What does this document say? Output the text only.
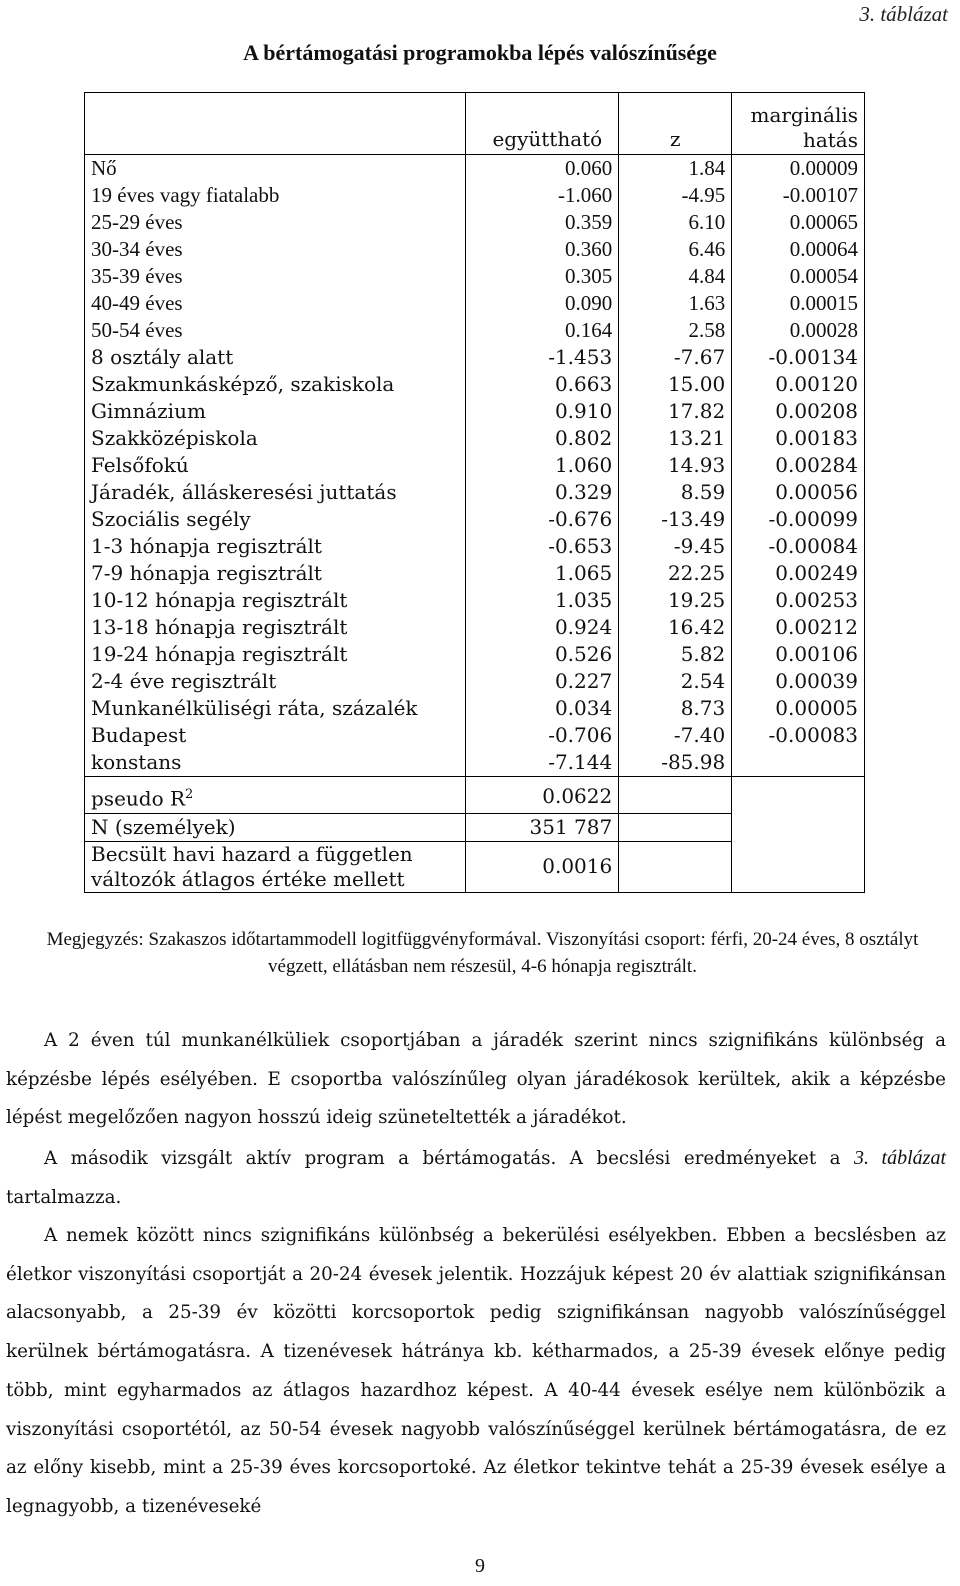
3. táblázat
A bértámogatási programokba lépés valószínűsége
	együttható	z	marginális
hatás

Nő	0.060	1.84	0.00009
19 éves vagy fiatalabb	-1.060	-4.95	-0.00107
25-29 éves	0.359	6.10	0.00065
30-34 éves	0.360	6.46	0.00064
35-39 éves	0.305	4.84	0.00054
40-49 éves	0.090	1.63	0.00015
50-54 éves	0.164	2.58	0.00028
8 osztály alatt	-1.453	-7.67	-0.00134
Szakmunkásképző, szakiskola	0.663	15.00	0.00120
Gimnázium	0.910	17.82	0.00208
Szakközépiskola	0.802	13.21	0.00183
Felsőfokú	1.060	14.93	0.00284
Járadék, álláskeresési juttatás	0.329	8.59	0.00056
Szociális segély	-0.676	-13.49	-0.00099
1-3 hónapja regisztrált	-0.653	-9.45	-0.00084
7-9 hónapja regisztrált	1.065	22.25	0.00249
10-12 hónapja regisztrált	1.035	19.25	0.00253
13-18 hónapja regisztrált	0.924	16.42	0.00212
19-24 hónapja regisztrált	0.526	5.82	0.00106
2-4 éve regisztrált	0.227	2.54	0.00039
Munkanélküliségi ráta, százalék	0.034	8.73	0.00005
Budapest	-0.706	-7.40	-0.00083
konstans	-7.144	-85.98	
pseudo $R^2$	0.0622		
N (személyek)	351 787		

Becsült havi hazard a független
változók átlagos értéke mellett	0.0016		
Megjegyzés: Szakaszos időtartammodell logitfüggvényformával. Viszonyítási csoport: férfi, 20-24 éves, 8 osztályt végzett, ellátásban nem részesül, 4-6 hónapja regisztrált.
A 2 éven túl munkanélküliek csoportjában a járadék szerint nincs szignifikáns különbség a képzésbe lépés esélyében. E csoportba valószínűleg olyan járadékosok kerültek, akik a képzésbe lépést megelőzően nagyon hosszú ideig szüneteltették a járadékot.
A második vizsgált aktív program a bértámogatás. A becslési eredményeket a 3. táblázat tartalmazza.
A nemek között nincs szignifikáns különbség a bekerülési esélyekben. Ebben a becslésben az életkor viszonyítási csoportját a 20-24 évesek jelentik. Hozzájuk képest 20 év alattiak szignifikánsan alacsonyabb, a 25-39 év közötti korcsoportok pedig szignifikánsan nagyobb valószínűséggel kerülnek bértámogatásra. A tizenévesek hátránya kb. kétharmados, a 25-39 évesek előnye pedig több, mint egyharmados az átlagos hazardhoz képest. A 40-44 évesek esélye nem különbözik a viszonyítási csoportétól, az 50-54 évesek nagyobb valószínűséggel kerülnek bértámogatásra, de ez az előny kisebb, mint a 25-39 éves korcsoportoké. Az életkor tekintve tehát a 25-39 évesek esélye a legnagyobb, a tizenéveseké
9
